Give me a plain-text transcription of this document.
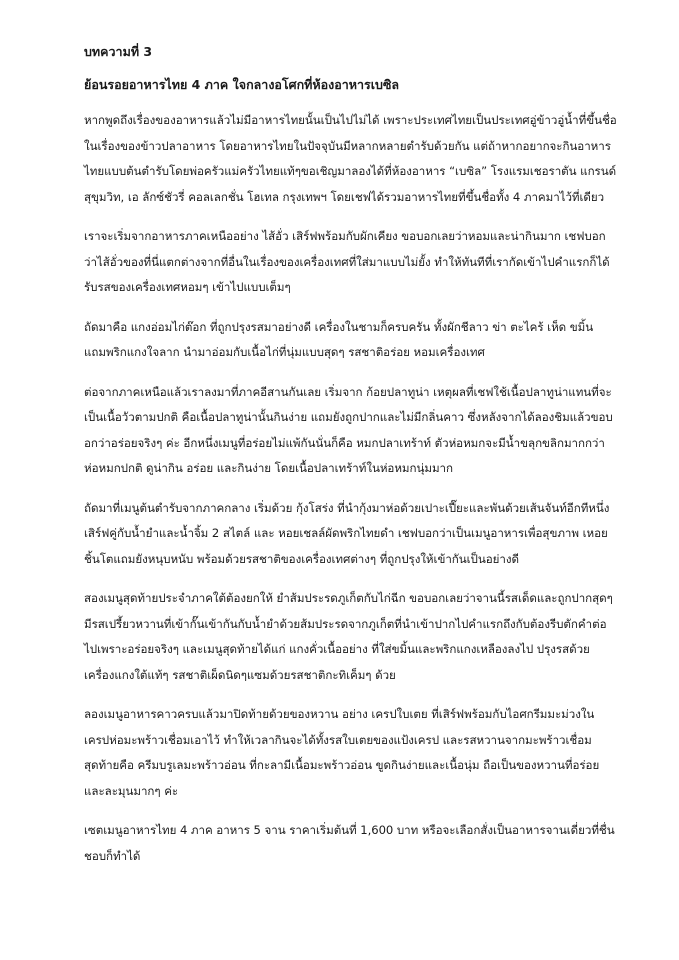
บทความที่ 3

ย้อนรอยอาหารไทย 4 ภาค ใจกลางอโศกที่ห้องอาหารเบซิล

หากพูดถึงเรื่องของอาหารแล้วไม่มีอาหารไทยนั้นเป็นไปไม่ได้ เพราะประเทศไทยเป็นประเทศอู่ข้าวอู่น้ำที่ขึ้นชื่อในเรื่องของข้าวปลาอาหาร โดยอาหารไทยในปัจจุบันมีหลากหลายตำรับด้วยกัน แต่ถ้าหากอยากจะกินอาหารไทยแบบต้นตำรับโดยพ่อครัวแม่ครัวไทยแท้ๆขอเชิญมาลองได้ที่ห้องอาหาร “เบซิล” โรงแรมเชอราตัน แกรนด์ สุขุมวิท, เอ ลักซ์ชัวรี่ คอลเลกชั่น โฮเทล กรุงเทพฯ โดยเชฟได้รวมอาหารไทยที่ขึ้นชื่อทั้ง 4 ภาคมาไว้ที่เดียว

เราจะเริ่มจากอาหารภาคเหนืออย่าง ไส้อั่ว เสิร์ฟพร้อมกับผักเคียง ขอบอกเลยว่าหอมและน่ากินมาก เชฟบอกว่าไส้อั่วของที่นี่แตกต่างจากที่อื่นในเรื่องของเครื่องเทศที่ใส่มาแบบไม่ยั้ง ทำให้ทันทีที่เรากัดเข้าไปคำแรกก็ได้รับรสของเครื่องเทศหอมๆ เข้าไปแบบเต็มๆ

ถัดมาคือ แกงอ่อมไก่ต๊อก ที่ถูกปรุงรสมาอย่างดี เครื่องในชามก็ครบครัน ทั้งผักชีลาว ข่า ตะไคร้ เห็ด ขมิ้น แถมพริกแกงใจลาก นำมาอ่อมกับเนื้อไก่ที่นุ่มแบบสุดๆ รสชาติอร่อย หอมเครื่องเทศ

ต่อจากภาคเหนือแล้วเราลงมาที่ภาคอีสานกันเลย เริ่มจาก ก้อยปลาทูน่า เหตุผลที่เชฟใช้เนื้อปลาทูน่าแทนที่จะเป็นเนื้อวัวตามปกติ คือเนื้อปลาทูน่านั้นกินง่าย แถมยังถูกปากและไม่มีกลิ่นคาว ซึ่งหลังจากได้ลองชิมแล้วขอบอกว่าอร่อยจริงๆ ค่ะ อีกหนึ่งเมนูที่อร่อยไม่แพ้กันนั่นก็คือ หมกปลาเทร้าท์ ตัวห่อหมกจะมีน้ำขลุกขลิกมากกว่าห่อหมกปกติ ดูน่ากิน อร่อย และกินง่าย โดยเนื้อปลาเทร้าท์ในห่อหมกนุ่มมาก

ถัดมาที่เมนูต้นตำรับจากภาคกลาง เริ่มด้วย กุ้งโสร่ง ที่นำกุ้งมาห่อด้วยเปาะเปี๊ยะและพันด้วยเส้นจันท์อีกทีหนึ่ง เสิร์ฟคู่กับน้ำยำและน้ำจิ้ม 2 สไตล์ และ หอยเชลล์ผัดพริกไทยดำ เชฟบอกว่าเป็นเมนูอาหารเพื่อสุขภาพ เหอยชิ้นโตแถมยังหนุบหนับ พร้อมด้วยรสชาติของเครื่องเทศต่างๆ ที่ถูกปรุงให้เข้ากันเป็นอย่างดี

สองเมนูสุดท้ายประจำภาคใต้ต้องยกให้ ยำส้มประรดภูเก็ตกับไก่ฉีก ขอบอกเลยว่าจานนี้รสเด็ดและถูกปากสุดๆ มีรสเปรี้ยวหวานที่เข้ากั๊นเข้ากันกับน้ำยำด้วยส้มประรดจากภูเก็ตที่นำเข้าปากไปคำแรกถึงกับต้องรีบตักคำต่อไปเพราะอร่อยจริงๆ และเมนูสุดท้ายได้แก่ แกงคั่วเนื้ออย่าง ที่ใส่ขมิ้นและพริกแกงเหลืองลงไป ปรุงรสด้วยเครื่องแกงใต้แท้ๆ รสชาติเผ็ดนิดๆแซมด้วยรสชาติกะทิเค็มๆ ด้วย

ลองเมนูอาหารคาวครบแล้วมาปิดท้ายด้วยของหวาน อย่าง เครปใบเตย ที่เสิร์ฟพร้อมกับไอศกรีมมะม่วงในเครปห่อมะพร้าวเชื่อมเอาไว้ ทำให้เวลากินจะได้ทั้งรสใบเตยของแป้งเครป และรสหวานจากมะพร้าวเชื่อม สุดท้ายคือ ครีมบรูเลมะพร้าวอ่อน ที่กะลามีเนื้อมะพร้าวอ่อน ขูดกินง่ายและเนื้อนุ่ม ถือเป็นของหวานที่อร่อยและละมุนมากๆ ค่ะ

เซตเมนูอาหารไทย 4 ภาค อาหาร 5 จาน ราคาเริ่มต้นที่ 1,600 บาท หรือจะเลือกสั่งเป็นอาหารจานเดี่ยวที่ชื่นชอบก็ทำได้
